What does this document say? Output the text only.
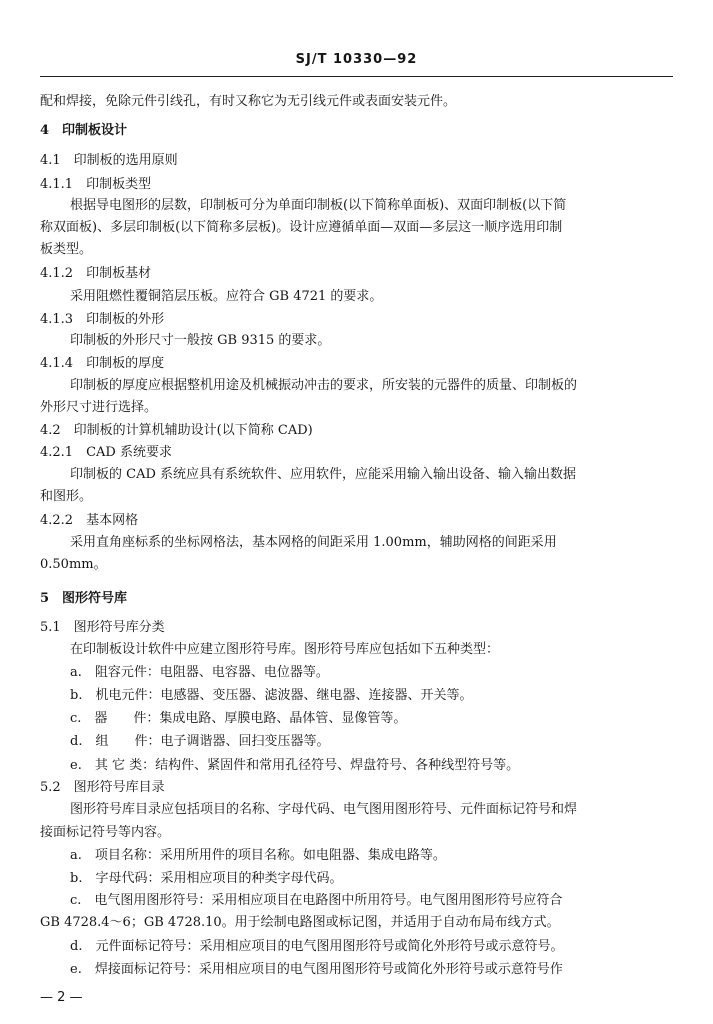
SJ/T 10330—92
配和焊接，免除元件引线孔，有时又称它为无引线元件或表面安装元件。
4　印制板设计
4.1　印制板的选用原则
4.1.1　印制板类型
根据导电图形的层数，印制板可分为单面印制板(以下简称单面板)、双面印制板(以下简
称双面板)、多层印制板(以下简称多层板)。设计应遵循单面—双面—多层这一顺序选用印制
板类型。
4.1.2　印制板基材
采用阻燃性覆铜箔层压板。应符合 GB 4721 的要求。
4.1.3　印制板的外形
印制板的外形尺寸一般按 GB 9315 的要求。
4.1.4　印制板的厚度
印制板的厚度应根据整机用途及机械振动冲击的要求，所安装的元器件的质量、印制板的
外形尺寸进行选择。
4.2　印制板的计算机辅助设计(以下简称 CAD)
4.2.1　CAD 系统要求
印制板的 CAD 系统应具有系统软件、应用软件，应能采用输入输出设备、输入输出数据
和图形。
4.2.2　基本网格
采用直角座标系的坐标网格法，基本网格的间距采用 1.00mm，辅助网格的间距采用
0.50mm。
5　图形符号库
5.1　图形符号库分类
在印制板设计软件中应建立图形符号库。图形符号库应包括如下五种类型：
a.　阻容元件：电阻器、电容器、电位器等。
b.　机电元件：电感器、变压器、滤波器、继电器、连接器、开关等。
c.　器　　件：集成电路、厚膜电路、晶体管、显像管等。
d.　组　　件：电子调谐器、回扫变压器等。
e.　其 它 类：结构件、紧固件和常用孔径符号、焊盘符号、各种线型符号等。
5.2　图形符号库目录
图形符号库目录应包括项目的名称、字母代码、电气图用图形符号、元件面标记符号和焊
接面标记符号等内容。
a.　项目名称：采用所用件的项目名称。如电阻器、集成电路等。
b.　字母代码：采用相应项目的种类字母代码。
c.　电气图用图形符号：采用相应项目在电路图中所用符号。电气图用图形符号应符合
GB 4728.4～6；GB 4728.10。用于绘制电路图或标记图，并适用于自动布局布线方式。
d.　元件面标记符号：采用相应项目的电气图用图形符号或简化外形符号或示意符号。
e.　焊接面标记符号：采用相应项目的电气图用图形符号或简化外形符号或示意符号作
— 2 —
